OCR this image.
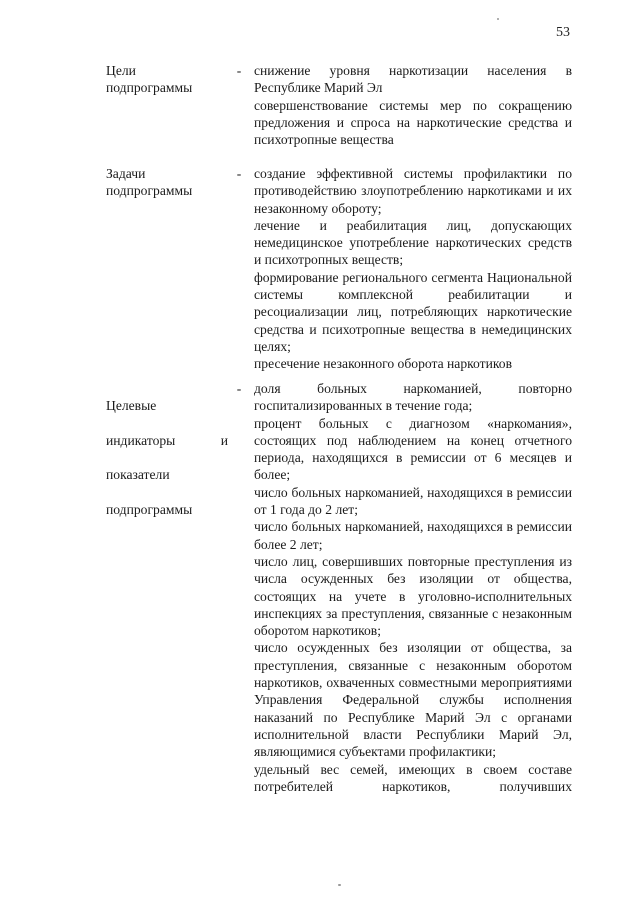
53
Цели
подпрограммы
- снижение уровня наркотизации населения в Республике Марий Эл

совершенствование системы мер по сокращению предложения и спроса на наркотические средства и психотропные вещества

Задачи
подпрограммы
- создание эффективной системы профилактики по противодействию злоупотреблению наркотиками и их незаконному обороту;

лечение и реабилитация лиц, допускающих немедицинское употребление наркотических средств и психотропных веществ;

формирование регионального сегмента Национальной системы комплексной реабилитации и ресоциализации лиц, потребляющих наркотические средства и психотропные вещества в немедицинских целях;

пресечение незаконного оборота наркотиков

Целевые

индикаторы и

показатели

подпрограммы

- доля больных наркоманией, повторно госпитализированных в течение года;

процент больных с диагнозом «наркомания», состоящих под наблюдением на конец отчетного периода, находящихся в ремиссии от 6 месяцев и более;

число больных наркоманией, находящихся в ремиссии от 1 года до 2 лет;

число больных наркоманией, находящихся в ремиссии более 2 лет;

число лиц, совершивших повторные преступления из числа осужденных без изоляции от общества, состоящих на учете в уголовно-исполнительных инспекциях за преступления, связанные с незаконным оборотом наркотиков;

число осужденных без изоляции от общества, за преступления, связанные с незаконным оборотом наркотиков, охваченных совместными мероприятиями Управления Федеральной службы исполнения наказаний по Республике Марий Эл с органами исполнительной власти Республики Марий Эл, являющимися субъектами профилактики;

удельный вес семей, имеющих в своем составе потребителей наркотиков, получивших
